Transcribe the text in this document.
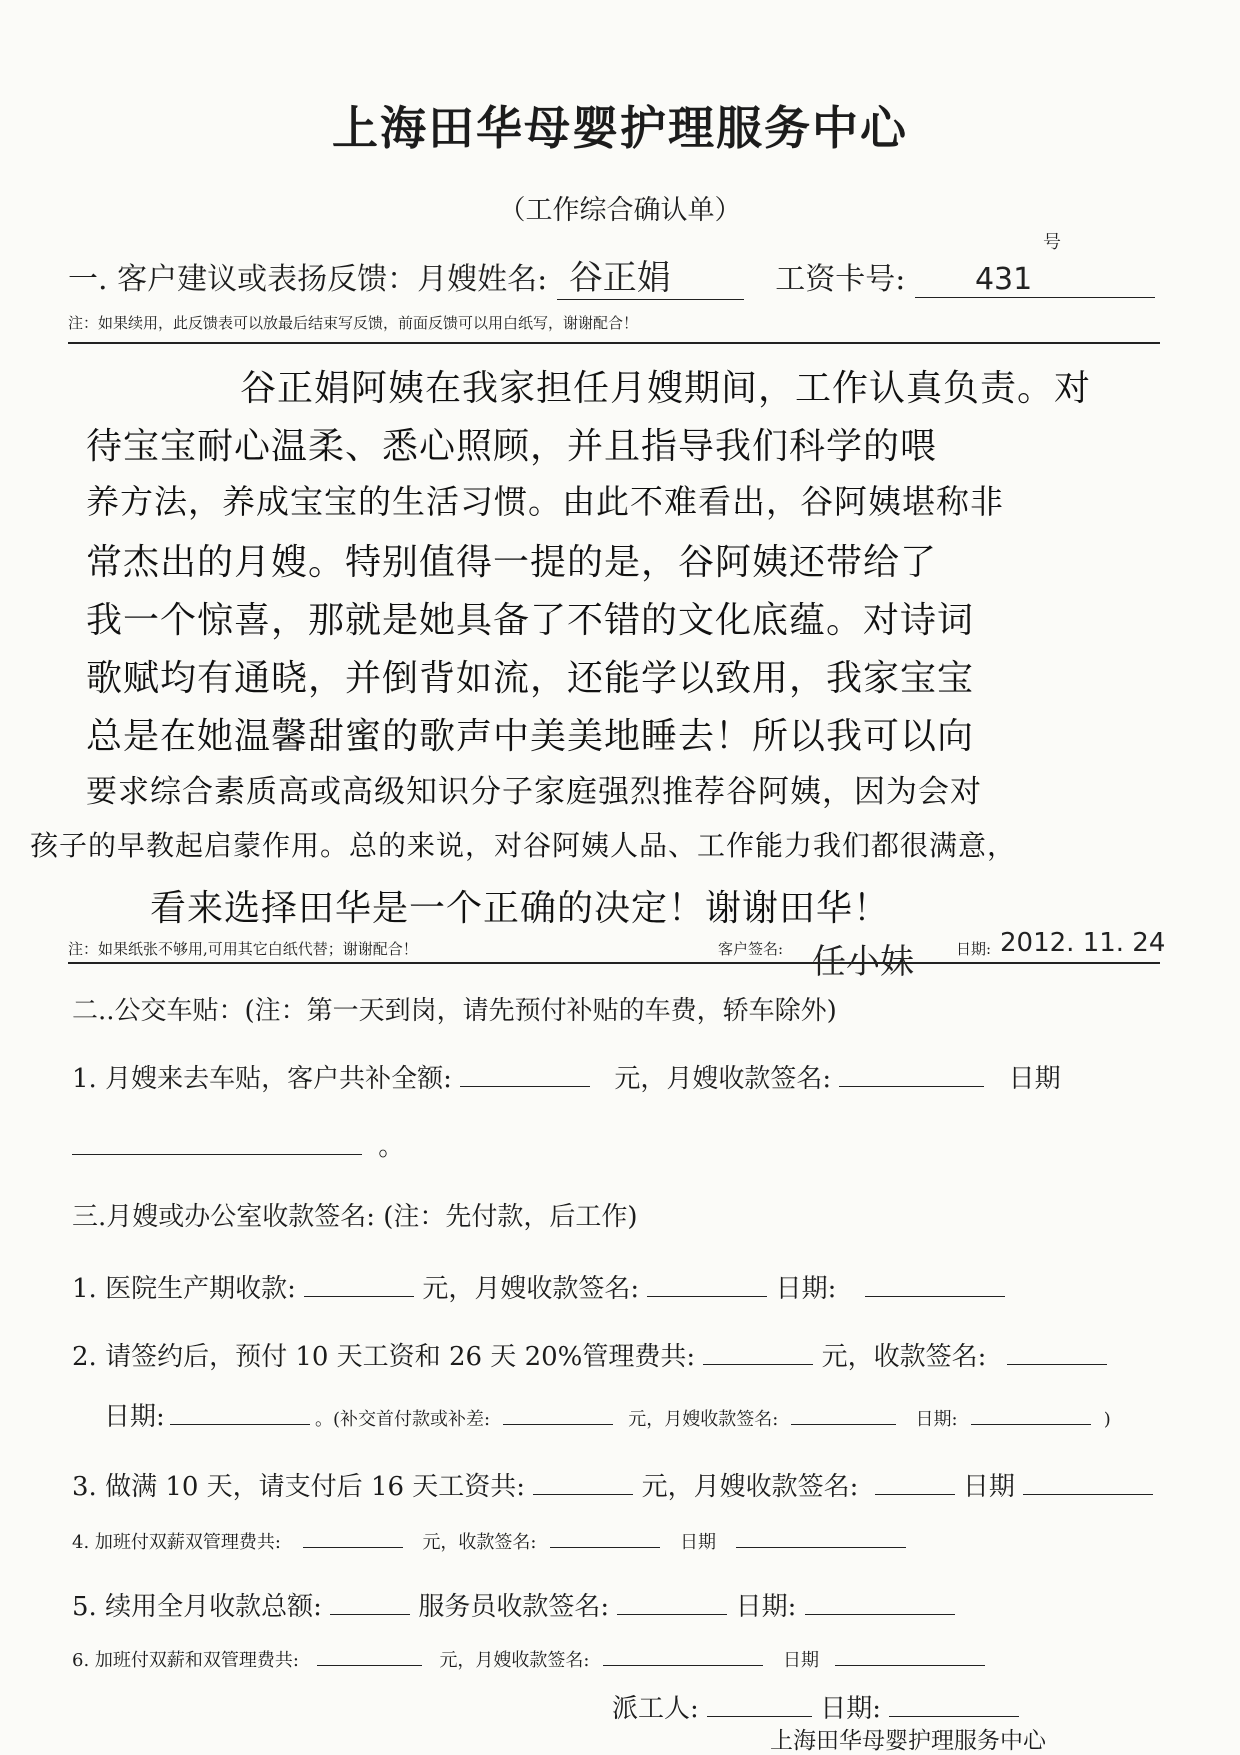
上海田华母婴护理服务中心
（工作综合确认单）
一. 客户建议或表扬反馈：月嫂姓名: 谷正娟	工资卡号: 431
号
注：如果续用，此反馈表可以放最后结束写反馈，前面反馈可以用白纸写，谢谢配合！
谷正娟阿姨在我家担任月嫂期间，工作认真负责。对
待宝宝耐心温柔、悉心照顾，并且指导我们科学的喂
养方法，养成宝宝的生活习惯。由此不难看出，谷阿姨堪称非
常杰出的月嫂。特别值得一提的是，谷阿姨还带给了
我一个惊喜，那就是她具备了不错的文化底蕴。对诗词
歌赋均有通晓，并倒背如流，还能学以致用，我家宝宝
总是在她温馨甜蜜的歌声中美美地睡去！所以我可以向
要求综合素质高或高级知识分子家庭强烈推荐谷阿姨，因为会对
孩子的早教起启蒙作用。总的来说，对谷阿姨人品、工作能力我们都很满意，
看来选择田华是一个正确的决定！谢谢田华！
注：如果纸张不够用,可用其它白纸代替；谢谢配合！	客户签名: 任小妹	日期: 2012. 11. 24
二..公交车贴：(注：第一天到岗，请先预付补贴的车费，轿车除外)
1. 月嫂来去车贴，客户共补全额:	元，月嫂收款签名:	日期
。
三.月嫂或办公室收款签名: (注：先付款，后工作)
1. 医院生产期收款:	元，月嫂收款签名:	日期:
2. 请签约后，预付 10 天工资和 26 天 20%管理费共:	元，收款签名:
日期:	。(补交首付款或补差:	元，月嫂收款签名:	日期:	)
3. 做满 10 天，请支付后 16 天工资共:	元，月嫂收款签名:	日期
4. 加班付双薪双管理费共:	元，收款签名:	日期
5. 续用全月收款总额:	服务员收款签名:	日期:
6. 加班付双薪和双管理费共:	元，月嫂收款签名:	日期
派工人:	日期:
上海田华母婴护理服务中心
